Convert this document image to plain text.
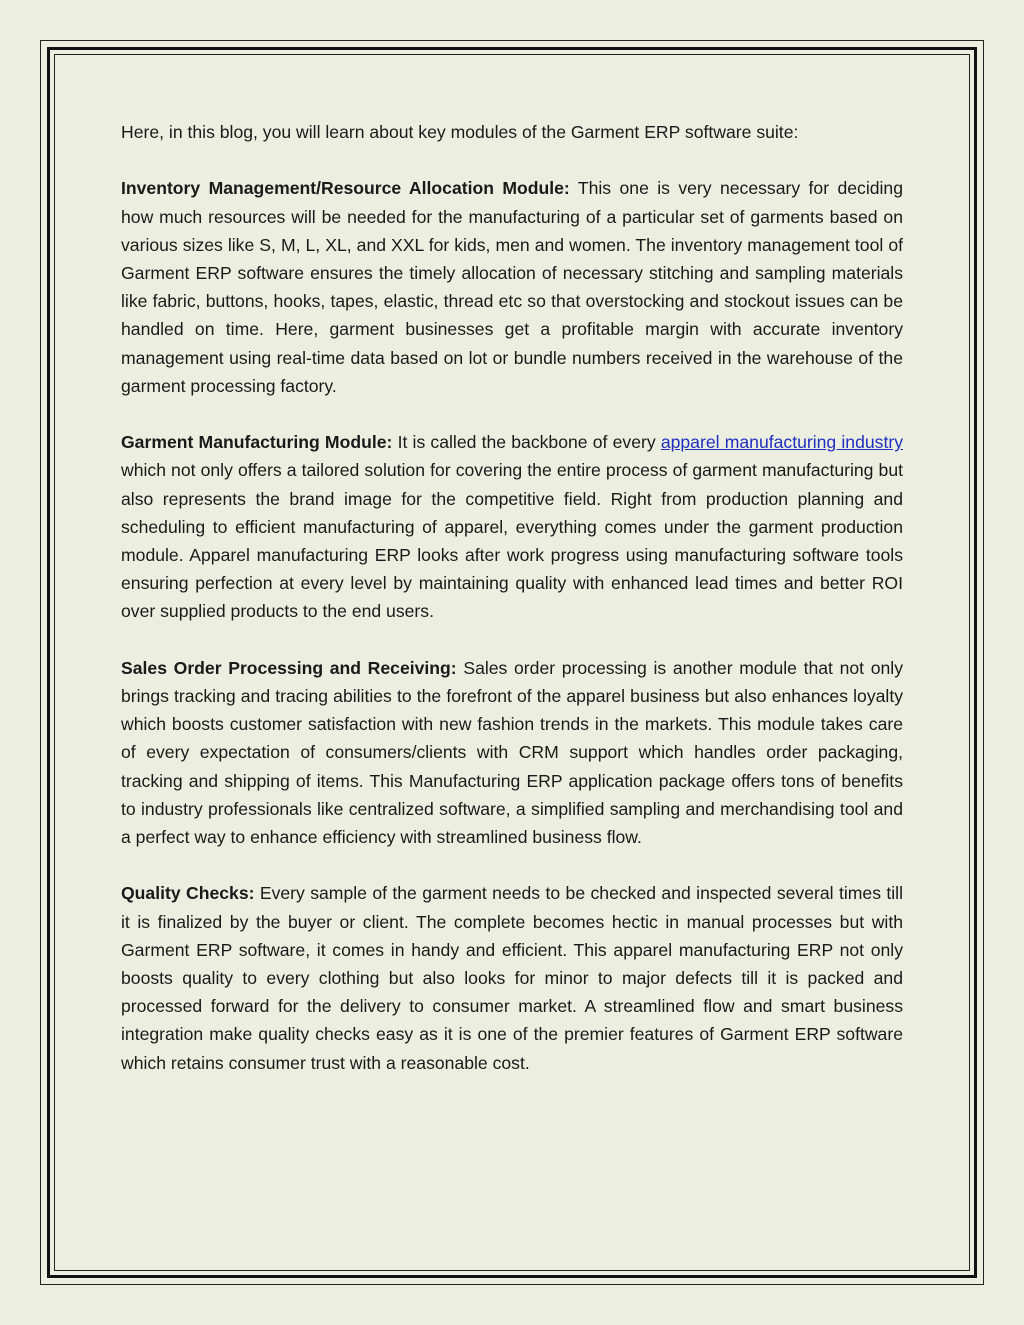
Here, in this blog, you will learn about key modules of the Garment ERP software suite:

Inventory Management/Resource Allocation Module: This one is very necessary for deciding how much resources will be needed for the manufacturing of a particular set of garments based on various sizes like S, M, L, XL, and XXL for kids, men and women. The inventory management tool of Garment ERP software ensures the timely allocation of necessary stitching and sampling materials like fabric, buttons, hooks, tapes, elastic, thread etc so that overstocking and stockout issues can be handled on time. Here, garment businesses get a profitable margin with accurate inventory management using real-time data based on lot or bundle numbers received in the warehouse of the garment processing factory.

Garment Manufacturing Module: It is called the backbone of every apparel manufacturing industry which not only offers a tailored solution for covering the entire process of garment manufacturing but also represents the brand image for the competitive field. Right from production planning and scheduling to efficient manufacturing of apparel, everything comes under the garment production module. Apparel manufacturing ERP looks after work progress using manufacturing software tools ensuring perfection at every level by maintaining quality with enhanced lead times and better ROI over supplied products to the end users.

Sales Order Processing and Receiving: Sales order processing is another module that not only brings tracking and tracing abilities to the forefront of the apparel business but also enhances loyalty which boosts customer satisfaction with new fashion trends in the markets. This module takes care of every expectation of consumers/clients with CRM support which handles order packaging, tracking and shipping of items. This Manufacturing ERP application package offers tons of benefits to industry professionals like centralized software, a simplified sampling and merchandising tool and a perfect way to enhance efficiency with streamlined business flow.

Quality Checks: Every sample of the garment needs to be checked and inspected several times till it is finalized by the buyer or client. The complete becomes hectic in manual processes but with Garment ERP software, it comes in handy and efficient. This apparel manufacturing ERP not only boosts quality to every clothing but also looks for minor to major defects till it is packed and processed forward for the delivery to consumer market. A streamlined flow and smart business integration make quality checks easy as it is one of the premier features of Garment ERP software which retains consumer trust with a reasonable cost.
